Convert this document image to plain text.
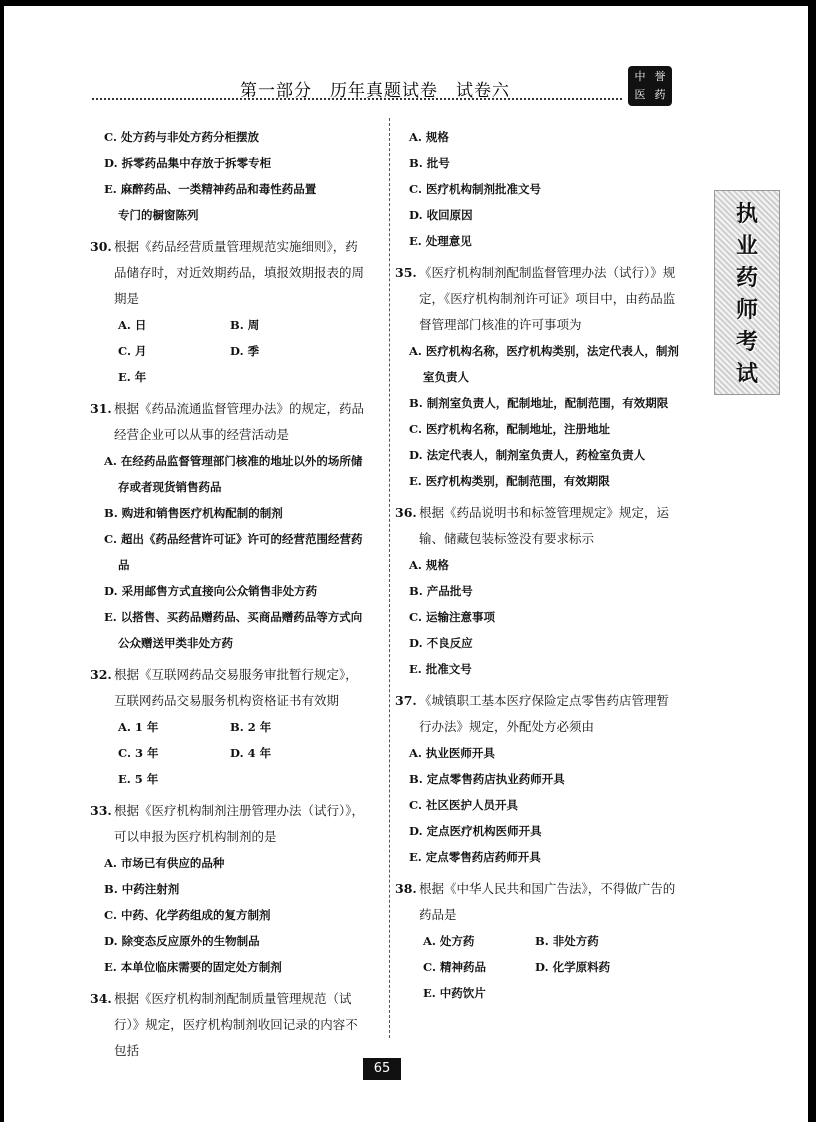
第一部分　历年真题试卷　试卷六
中 誉
医 药
执
业
药
师
考
试
C. 处方药与非处方药分柜摆放
D. 拆零药品集中存放于拆零专柜
E. 麻醉药品、一类精神药品和毒性药品置
专门的橱窗陈列
30. 根据《药品经营质量管理规范实施细则》，药品储存时，对近效期药品，填报效期报表的周期是
A. 日	B. 周
C. 月	D. 季
E. 年
31. 根据《药品流通监督管理办法》的规定，药品经营企业可以从事的经营活动是
A. 在经药品监督管理部门核准的地址以外的场所储存或者现货销售药品
B. 购进和销售医疗机构配制的制剂
C. 超出《药品经营许可证》许可的经营范围经营药品
D. 采用邮售方式直接向公众销售非处方药
E. 以搭售、买药品赠药品、买商品赠药品等方式向公众赠送甲类非处方药
32. 根据《互联网药品交易服务审批暂行规定》，互联网药品交易服务机构资格证书有效期
A. 1 年	B. 2 年
C. 3 年	D. 4 年
E. 5 年
33. 根据《医疗机构制剂注册管理办法（试行）》，可以申报为医疗机构制剂的是
A. 市场已有供应的品种
B. 中药注射剂
C. 中药、化学药组成的复方制剂
D. 除变态反应原外的生物制品
E. 本单位临床需要的固定处方制剂
34. 根据《医疗机构制剂配制质量管理规范（试行）》规定，医疗机构制剂收回记录的内容不包括
A. 规格
B. 批号
C. 医疗机构制剂批准文号
D. 收回原因
E. 处理意见
35. 《医疗机构制剂配制监督管理办法（试行）》规定，《医疗机构制剂许可证》项目中，由药品监督管理部门核准的许可事项为
A. 医疗机构名称，医疗机构类别，法定代表人，制剂室负责人
B. 制剂室负责人，配制地址，配制范围，有效期限
C. 医疗机构名称，配制地址，注册地址
D. 法定代表人，制剂室负责人，药检室负责人
E. 医疗机构类别，配制范围，有效期限
36. 根据《药品说明书和标签管理规定》规定，运输、储藏包装标签没有要求标示
A. 规格
B. 产品批号
C. 运输注意事项
D. 不良反应
E. 批准文号
37. 《城镇职工基本医疗保险定点零售药店管理暂行办法》规定，外配处方必须由
A. 执业医师开具
B. 定点零售药店执业药师开具
C. 社区医护人员开具
D. 定点医疗机构医师开具
E. 定点零售药店药师开具
38. 根据《中华人民共和国广告法》，不得做广告的药品是
A. 处方药	B. 非处方药
C. 精神药品	D. 化学原料药
E. 中药饮片
65
